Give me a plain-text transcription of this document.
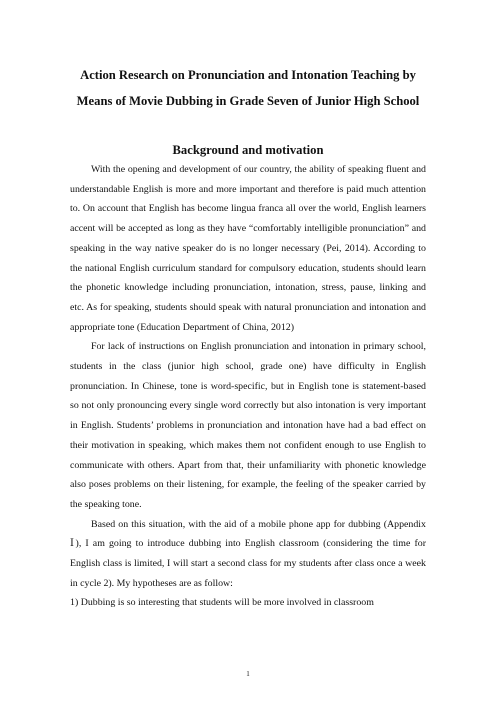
Action Research on Pronunciation and Intonation Teaching by
Means of Movie Dubbing in Grade Seven of Junior High School
Background and motivation

With the opening and development of our country, the ability of speaking fluent and understandable English is more and more important and therefore is paid much attention to. On account that English has become lingua franca all over the world, English learners accent will be accepted as long as they have “comfortably intelligible pronunciation” and speaking in the way native speaker do is no longer necessary (Pei, 2014). According to the national English curriculum standard for compulsory education, students should learn the phonetic knowledge including pronunciation, intonation, stress, pause, linking and etc. As for speaking, students should speak with natural pronunciation and intonation and appropriate tone (Education Department of China, 2012)

For lack of instructions on English pronunciation and intonation in primary school, students in the class (junior high school, grade one) have difficulty in English pronunciation. In Chinese, tone is word-specific, but in English tone is statement-based so not only pronouncing every single word correctly but also intonation is very important in English. Students’ problems in pronunciation and intonation have had a bad effect on their motivation in speaking, which makes them not confident enough to use English to communicate with others. Apart from that, their unfamiliarity with phonetic knowledge also poses problems on their listening, for example, the feeling of the speaker carried by the speaking tone.

Based on this situation, with the aid of a mobile phone app for dubbing (Appendix Ⅰ), I am going to introduce dubbing into English classroom (considering the time for English class is limited, I will start a second class for my students after class once a week in cycle 2). My hypotheses are as follow:

1) Dubbing is so interesting that students will be more involved in classroom

1
